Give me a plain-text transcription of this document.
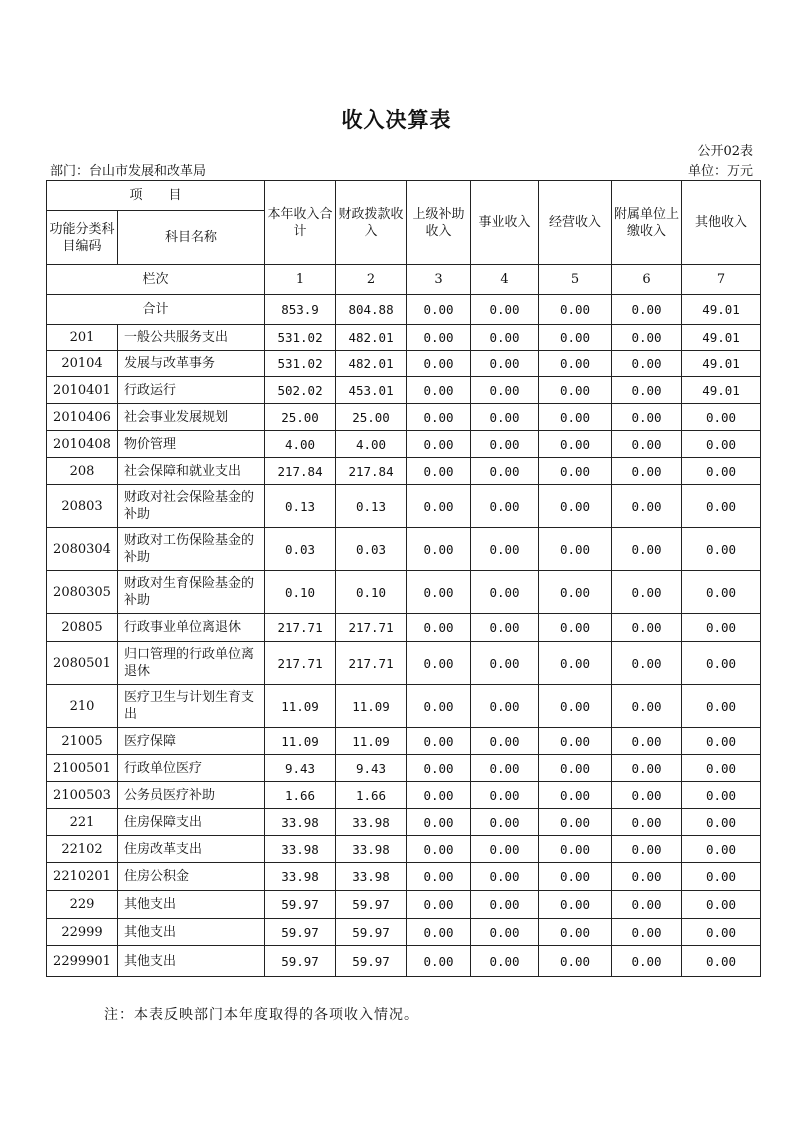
收入决算表
公开02表
部门：台山市发展和改革局	单位：万元
项　　目		本年收入合计	财政拨款收入	上级补助收入	事业收入	经营收入	附属单位上缴收入	其他收入
功能分类科目编码	科目名称							
栏次		1	2	3	4	5	6	7
合计		853.9	804.88	0.00	0.00	0.00	0.00	49.01
201	一般公共服务支出	531.02	482.01	0.00	0.00	0.00	0.00	49.01
20104	发展与改革事务	531.02	482.01	0.00	0.00	0.00	0.00	49.01
2010401	行政运行	502.02	453.01	0.00	0.00	0.00	0.00	49.01
2010406	社会事业发展规划	25.00	25.00	0.00	0.00	0.00	0.00	0.00
2010408	物价管理	4.00	4.00	0.00	0.00	0.00	0.00	0.00
208	社会保障和就业支出	217.84	217.84	0.00	0.00	0.00	0.00	0.00
20803	财政对社会保险基金的补助	0.13	0.13	0.00	0.00	0.00	0.00	0.00
2080304	财政对工伤保险基金的补助	0.03	0.03	0.00	0.00	0.00	0.00	0.00
2080305	财政对生育保险基金的补助	0.10	0.10	0.00	0.00	0.00	0.00	0.00
20805	行政事业单位离退休	217.71	217.71	0.00	0.00	0.00	0.00	0.00
2080501	归口管理的行政单位离退休	217.71	217.71	0.00	0.00	0.00	0.00	0.00
210	医疗卫生与计划生育支出	11.09	11.09	0.00	0.00	0.00	0.00	0.00
21005	医疗保障	11.09	11.09	0.00	0.00	0.00	0.00	0.00
2100501	行政单位医疗	9.43	9.43	0.00	0.00	0.00	0.00	0.00
2100503	公务员医疗补助	1.66	1.66	0.00	0.00	0.00	0.00	0.00
221	住房保障支出	33.98	33.98	0.00	0.00	0.00	0.00	0.00
22102	住房改革支出	33.98	33.98	0.00	0.00	0.00	0.00	0.00
2210201	住房公积金	33.98	33.98	0.00	0.00	0.00	0.00	0.00
229	其他支出	59.97	59.97	0.00	0.00	0.00	0.00	0.00
22999	其他支出	59.97	59.97	0.00	0.00	0.00	0.00	0.00
2299901	其他支出	59.97	59.97	0.00	0.00	0.00	0.00	0.00
注：本表反映部门本年度取得的各项收入情况。
